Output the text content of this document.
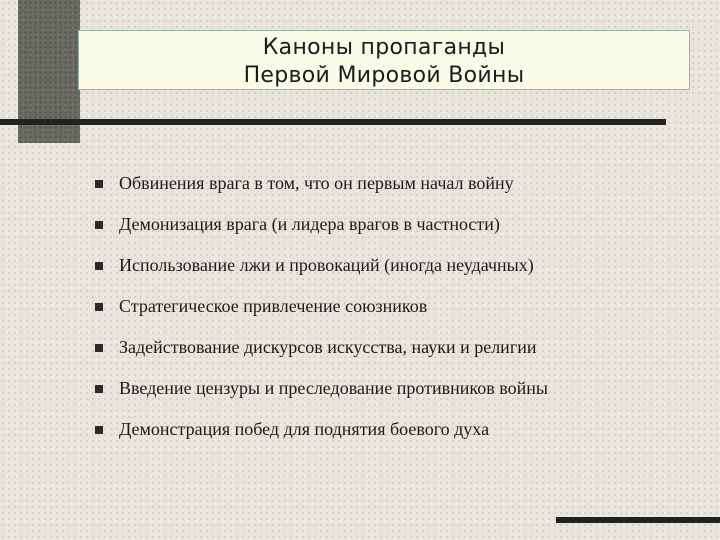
Каноны пропаганды
Первой Мировой Войны
Обвинения врага в том, что он первым начал войну
Демонизация врага (и лидера врагов в частности)
Использование лжи и провокаций (иногда неудачных)
Стратегическое привлечение союзников
Задействование дискурсов искусства, науки и религии
Введение цензуры и преследование противников войны
Демонстрация побед для поднятия боевого духа
